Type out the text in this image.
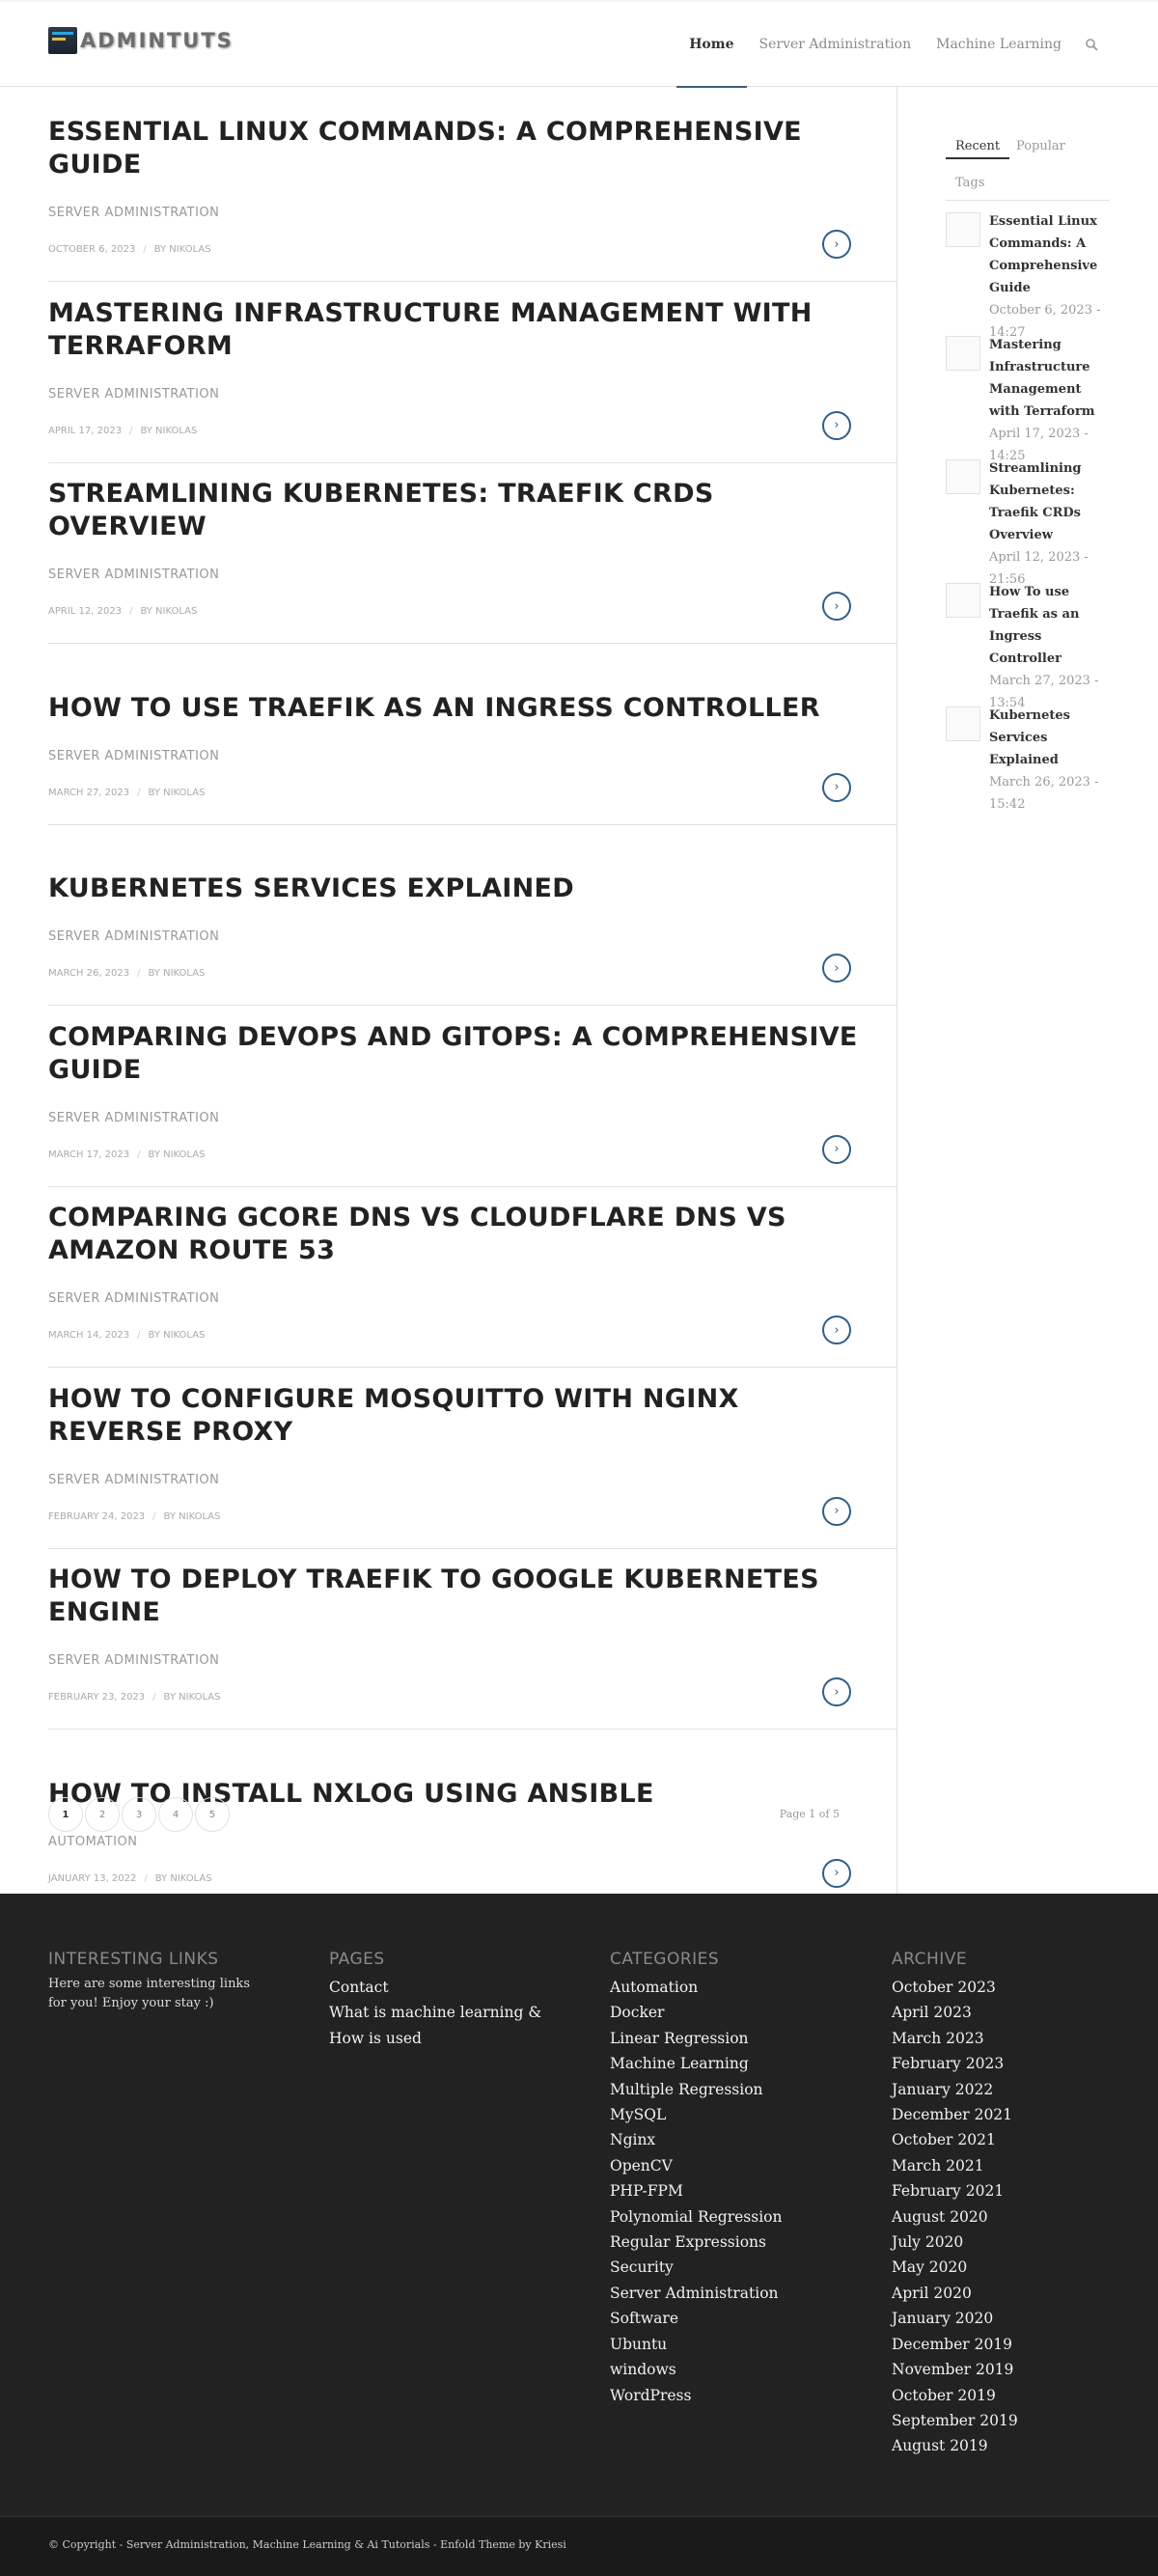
ADMINTUTS	Home	Server Administration	Machine Learning
ESSENTIAL LINUX COMMANDS: A COMPREHENSIVE GUIDE
SERVER ADMINISTRATION
OCTOBER 6, 2023 / BY NIKOLAS	›
MASTERING INFRASTRUCTURE MANAGEMENT WITH TERRAFORM
SERVER ADMINISTRATION
APRIL 17, 2023 / BY NIKOLAS	›
STREAMLINING KUBERNETES: TRAEFIK CRDS OVERVIEW
SERVER ADMINISTRATION
APRIL 12, 2023 / BY NIKOLAS	›
HOW TO USE TRAEFIK AS AN INGRESS CONTROLLER
SERVER ADMINISTRATION
MARCH 27, 2023 / BY NIKOLAS	›
KUBERNETES SERVICES EXPLAINED
SERVER ADMINISTRATION
MARCH 26, 2023 / BY NIKOLAS	›
COMPARING DEVOPS AND GITOPS: A COMPREHENSIVE GUIDE
SERVER ADMINISTRATION
MARCH 17, 2023 / BY NIKOLAS	›
COMPARING GCORE DNS VS CLOUDFLARE DNS VS AMAZON ROUTE 53
SERVER ADMINISTRATION
MARCH 14, 2023 / BY NIKOLAS	›
HOW TO CONFIGURE MOSQUITTO WITH NGINX REVERSE PROXY
SERVER ADMINISTRATION
FEBRUARY 24, 2023 / BY NIKOLAS	›
HOW TO DEPLOY TRAEFIK TO GOOGLE KUBERNETES ENGINE
SERVER ADMINISTRATION
FEBRUARY 23, 2023 / BY NIKOLAS	›
HOW TO INSTALL NXLOG USING ANSIBLE
AUTOMATION
JANUARY 13, 2022 / BY NIKOLAS	›
1	2	3	4	5	Page 1 of 5
Recent	Popular
Tags
Essential Linux Commands: A Comprehensive Guide
October 6, 2023 - 14:27
Mastering Infrastructure Management with Terraform
April 17, 2023 - 14:25
Streamlining Kubernetes: Traefik CRDs Overview
April 12, 2023 - 21:56
How To use Traefik as an Ingress Controller
March 27, 2023 - 13:54
Kubernetes Services Explained
March 26, 2023 - 15:42
INTERESTING LINKS
Here are some interesting links for you! Enjoy your stay :)
PAGES
Contact
What is machine learning & How is used
CATEGORIES
Automation
Docker
Linear Regression
Machine Learning
Multiple Regression
MySQL
Nginx
OpenCV
PHP-FPM
Polynomial Regression
Regular Expressions
Security
Server Administration
Software
Ubuntu
windows
WordPress
ARCHIVE
October 2023
April 2023
March 2023
February 2023
January 2022
December 2021
October 2021
March 2021
February 2021
August 2020
July 2020
May 2020
April 2020
January 2020
December 2019
November 2019
October 2019
September 2019
August 2019
© Copyright - Server Administration, Machine Learning & Ai Tutorials - Enfold Theme by Kriesi
